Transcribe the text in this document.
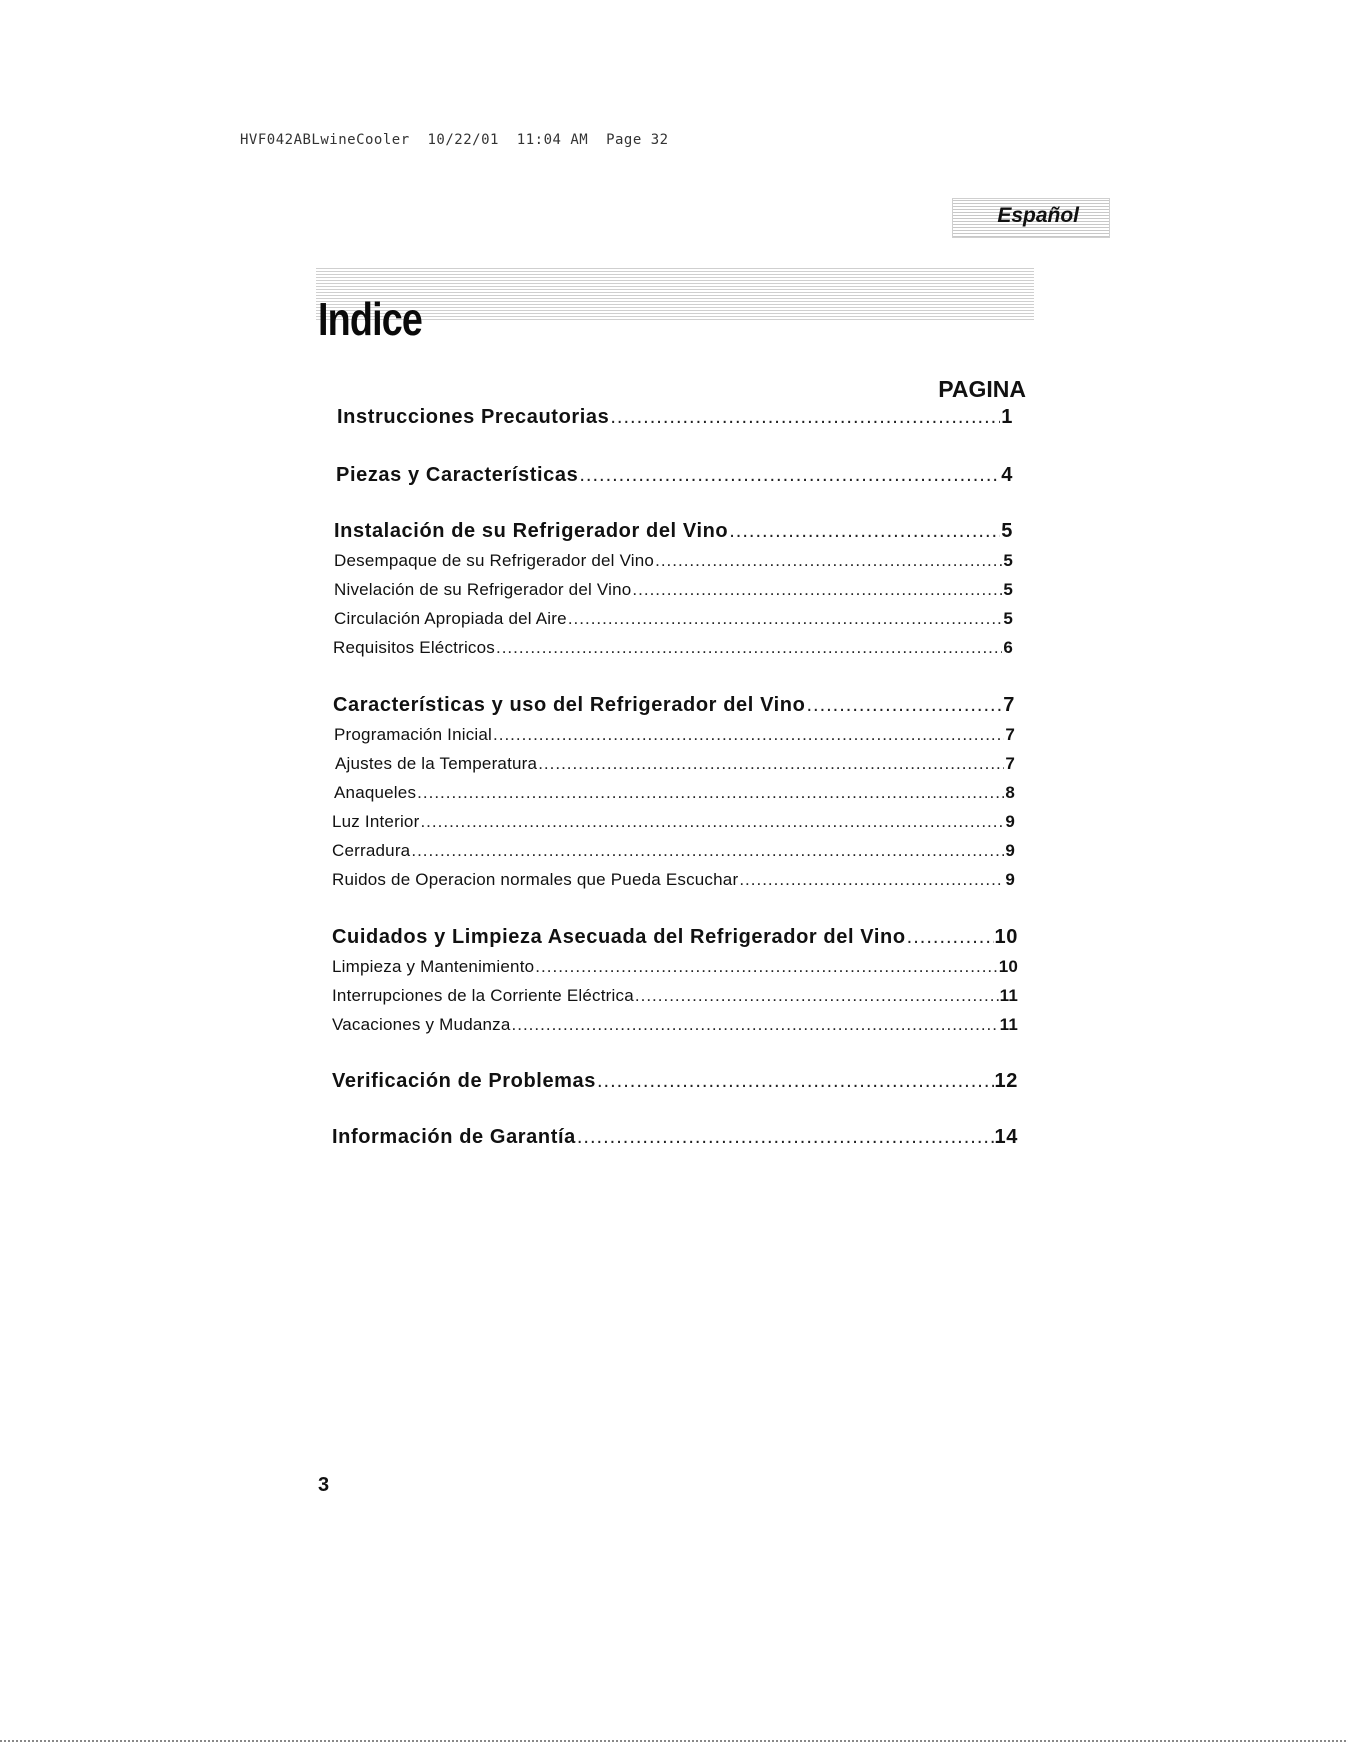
HVF042ABLwineCooler  10/22/01  11:04 AM  Page 32
Español
Indice
PAGINA
Instrucciones Precautorias .....	1
Piezas y Características .....	4
Instalación de su Refrigerador del Vino .....	5
Desempaque de su Refrigerador del Vino .....	5
Nivelación de su Refrigerador del Vino .....	5
Circulación Apropiada del Aire .....	5
Requisitos Eléctricos .....	6
Características y uso del Refrigerador del Vino .....	7
Programación Inicial .....	7
Ajustes de la Temperatura .....	7
Anaqueles .....	8
Luz Interior .....	9
Cerradura .....	9
Ruidos de Operacion normales que Pueda Escuchar .....	9
Cuidados y Limpieza Asecuada del Refrigerador del Vino .....	10
Limpieza y Mantenimiento .....	10
Interrupciones de la Corriente Eléctrica .....	11
Vacaciones y Mudanza .....	11
Verificación de Problemas .....	12
Información de Garantía .....	14
3
